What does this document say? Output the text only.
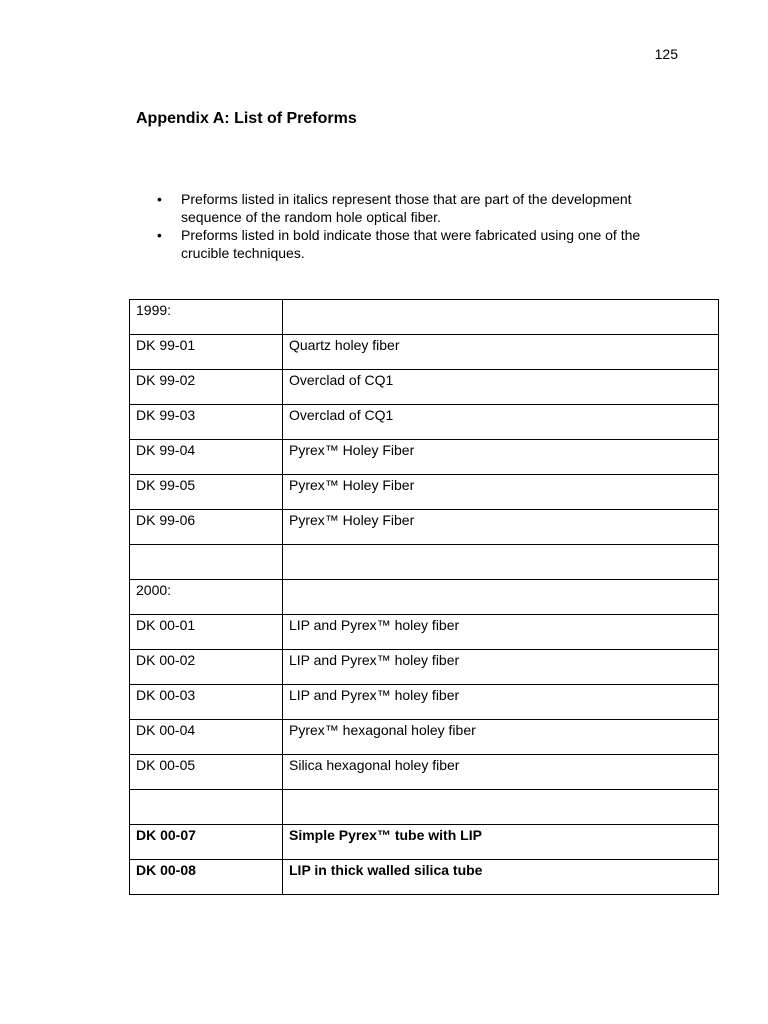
125
Appendix A: List of Preforms
• Preforms listed in italics represent those that are part of the development sequence of the random hole optical fiber.
• Preforms listed in bold indicate those that were fabricated using one of the crucible techniques.
1999:	
DK 99-01	Quartz holey fiber
DK 99-02	Overclad of CQ1
DK 99-03	Overclad of CQ1
DK 99-04	Pyrex™ Holey Fiber
DK 99-05	Pyrex™ Holey Fiber
DK 99-06	Pyrex™ Holey Fiber

2000:	
DK 00-01	LIP and Pyrex™ holey fiber
DK 00-02	LIP and Pyrex™ holey fiber
DK 00-03	LIP and Pyrex™ holey fiber
DK 00-04	Pyrex™ hexagonal holey fiber
DK 00-05	Silica hexagonal holey fiber

DK 00-07	Simple Pyrex™ tube with LIP
DK 00-08	LIP in thick walled silica tube
